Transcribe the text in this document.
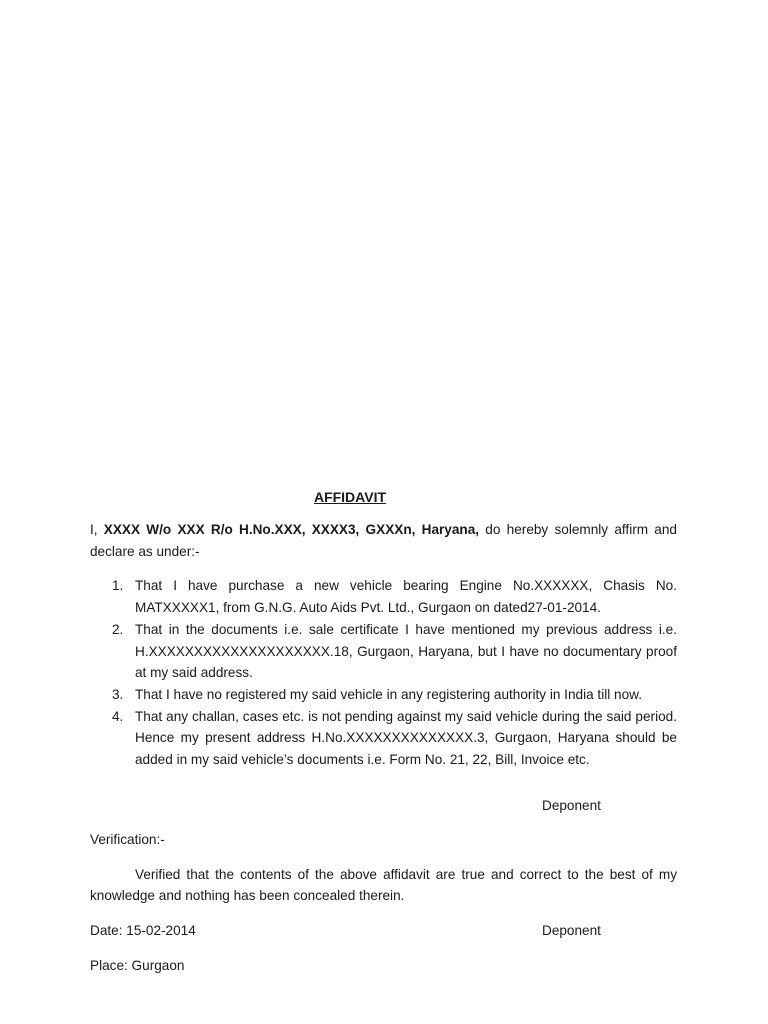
AFFIDAVIT

I, XXXX W/o XXX R/o H.No.XXX, XXXX3, GXXXn, Haryana, do hereby solemnly affirm and declare as under:-

1. That I have purchase a new vehicle bearing Engine No.XXXXXX, Chasis No. MATXXXXX1, from G.N.G. Auto Aids Pvt. Ltd., Gurgaon on dated27-01-2014.
2. That in the documents i.e. sale certificate I have mentioned my previous address i.e. H.XXXXXXXXXXXXXXXXXXXX.18, Gurgaon, Haryana, but I have no documentary proof at my said address.
3. That I have no registered my said vehicle in any registering authority in India till now.
4. That any challan, cases etc. is not pending against my said vehicle during the said period. Hence my present address H.No.XXXXXXXXXXXXXX.3, Gurgaon, Haryana should be added in my said vehicle’s documents i.e. Form No. 21, 22, Bill, Invoice etc.
Deponent

Verification:-

Verified that the contents of the above affidavit are true and correct to the best of my knowledge and nothing has been concealed therein.

Date: 15-02-2014	Deponent

Place: Gurgaon
